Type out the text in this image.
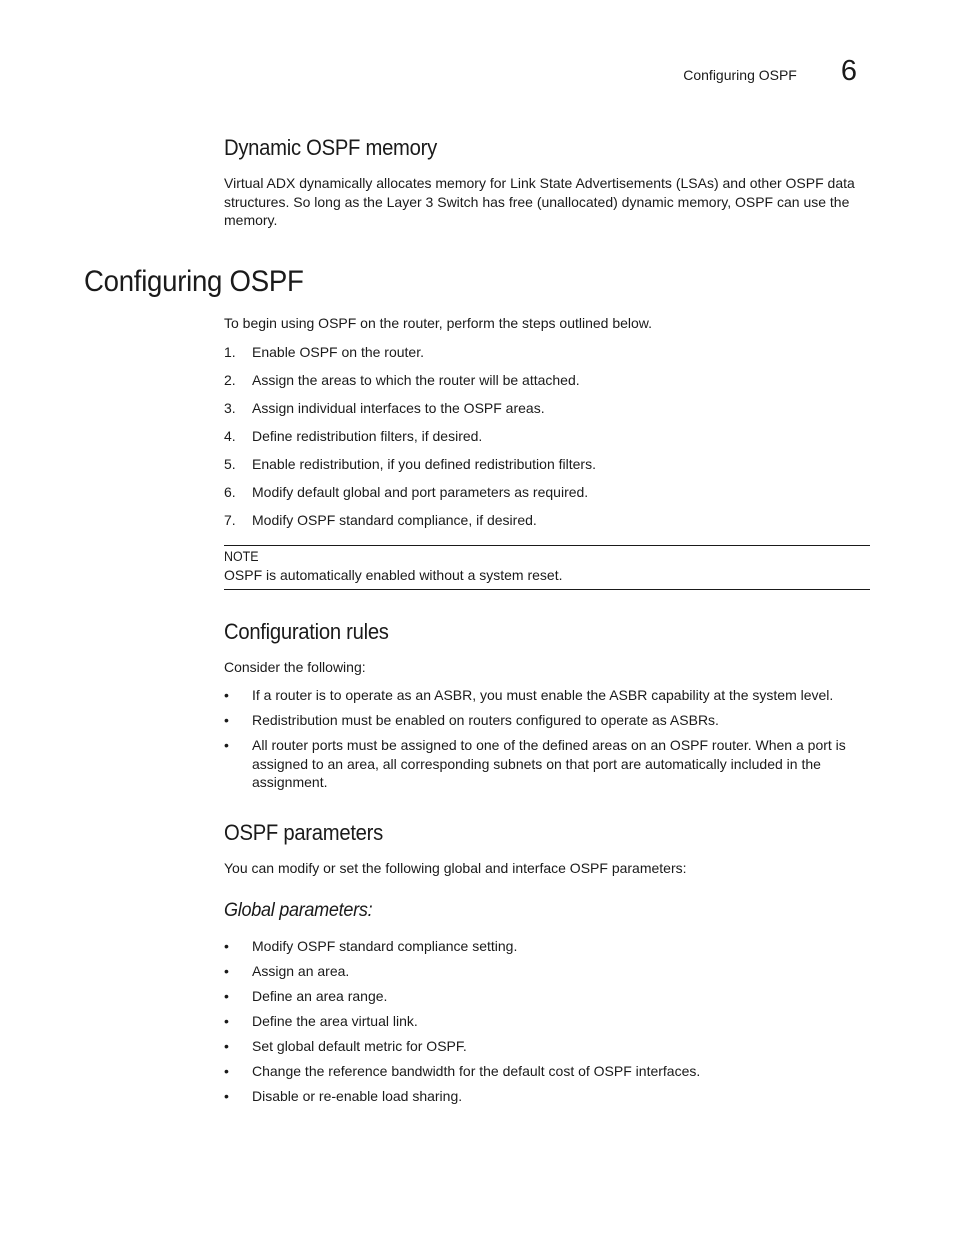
Configuring OSPF 6
Dynamic OSPF memory

Virtual ADX dynamically allocates memory for Link State Advertisements (LSAs) and other OSPF data structures. So long as the Layer 3 Switch has free (unallocated) dynamic memory, OSPF can use the memory.

Configuring OSPF

To begin using OSPF on the router, perform the steps outlined below.

1. Enable OSPF on the router.
2. Assign the areas to which the router will be attached.
3. Assign individual interfaces to the OSPF areas.
4. Define redistribution filters, if desired.
5. Enable redistribution, if you defined redistribution filters.
6. Modify default global and port parameters as required.
7. Modify OSPF standard compliance, if desired.
NOTE
OSPF is automatically enabled without a system reset.
Configuration rules

Consider the following:

• If a router is to operate as an ASBR, you must enable the ASBR capability at the system level.
• Redistribution must be enabled on routers configured to operate as ASBRs.
• All router ports must be assigned to one of the defined areas on an OSPF router. When a port is assigned to an area, all corresponding subnets on that port are automatically included in the assignment.
OSPF parameters

You can modify or set the following global and interface OSPF parameters:

Global parameters:
• Modify OSPF standard compliance setting.
• Assign an area.
• Define an area range.
• Define the area virtual link.
• Set global default metric for OSPF.
• Change the reference bandwidth for the default cost of OSPF interfaces.
• Disable or re-enable load sharing.
